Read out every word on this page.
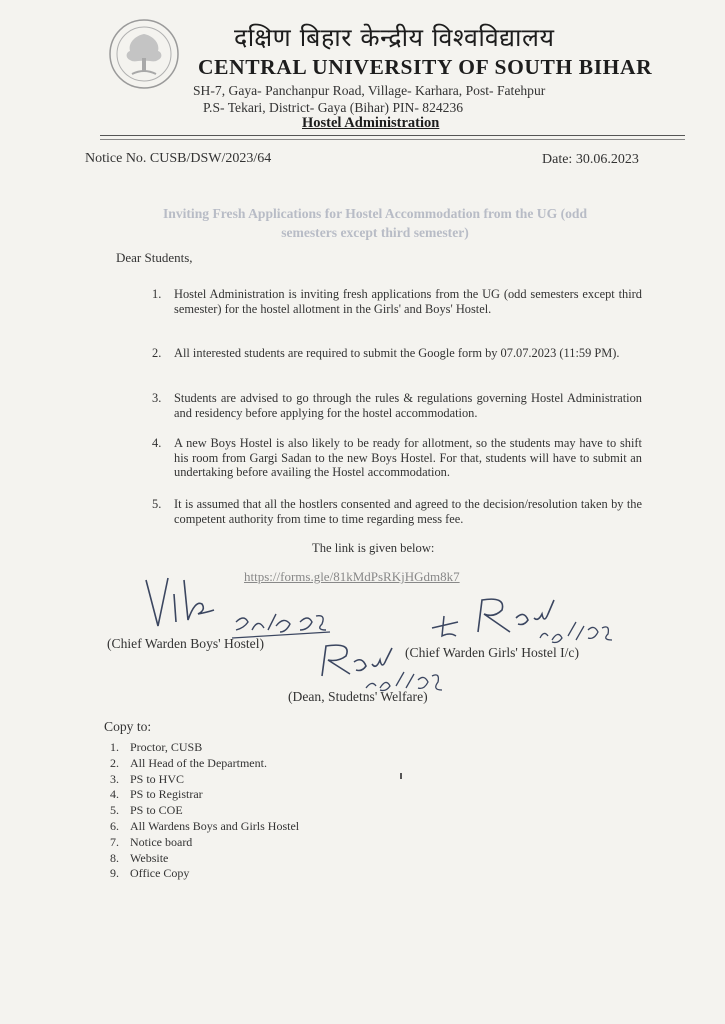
दक्षिण बिहार केन्द्रीय विश्वविद्यालय
CENTRAL UNIVERSITY OF SOUTH BIHAR
SH-7, Gaya- Panchanpur Road, Village- Karhara, Post- Fatehpur
P.S- Tekari, District- Gaya (Bihar) PIN- 824236
Hostel Administration
Notice No. CUSB/DSW/2023/64	Date: 30.06.2023
Inviting Fresh Applications for Hostel Accommodation from the UG (odd
semesters except third semester)
Dear Students,
1. Hostel Administration is inviting fresh applications from the UG (odd semesters except third semester) for the hostel allotment in the Girls' and Boys' Hostel.
2. All interested students are required to submit the Google form by 07.07.2023 (11:59 PM).
3. Students are advised to go through the rules & regulations governing Hostel Administration and residency before applying for the hostel accommodation.
4. A new Boys Hostel is also likely to be ready for allotment, so the students may have to shift his room from Gargi Sadan to the new Boys Hostel. For that, students will have to submit an undertaking before availing the Hostel accommodation.
5. It is assumed that all the hostlers consented and agreed to the decision/resolution taken by the competent authority from time to time regarding mess fee.
The link is given below:
https://forms.gle/81kMdPsRKjHGdm8k7
(Chief Warden Boys' Hostel)
(Chief Warden Girls' Hostel I/c)
(Dean, Studetns' Welfare)
Copy to:
1. Proctor, CUSB
2. All Head of the Department.
3. PS to HVC
4. PS to Registrar
5. PS to COE
6. All Wardens Boys and Girls Hostel
7. Notice board
8. Website
9. Office Copy
